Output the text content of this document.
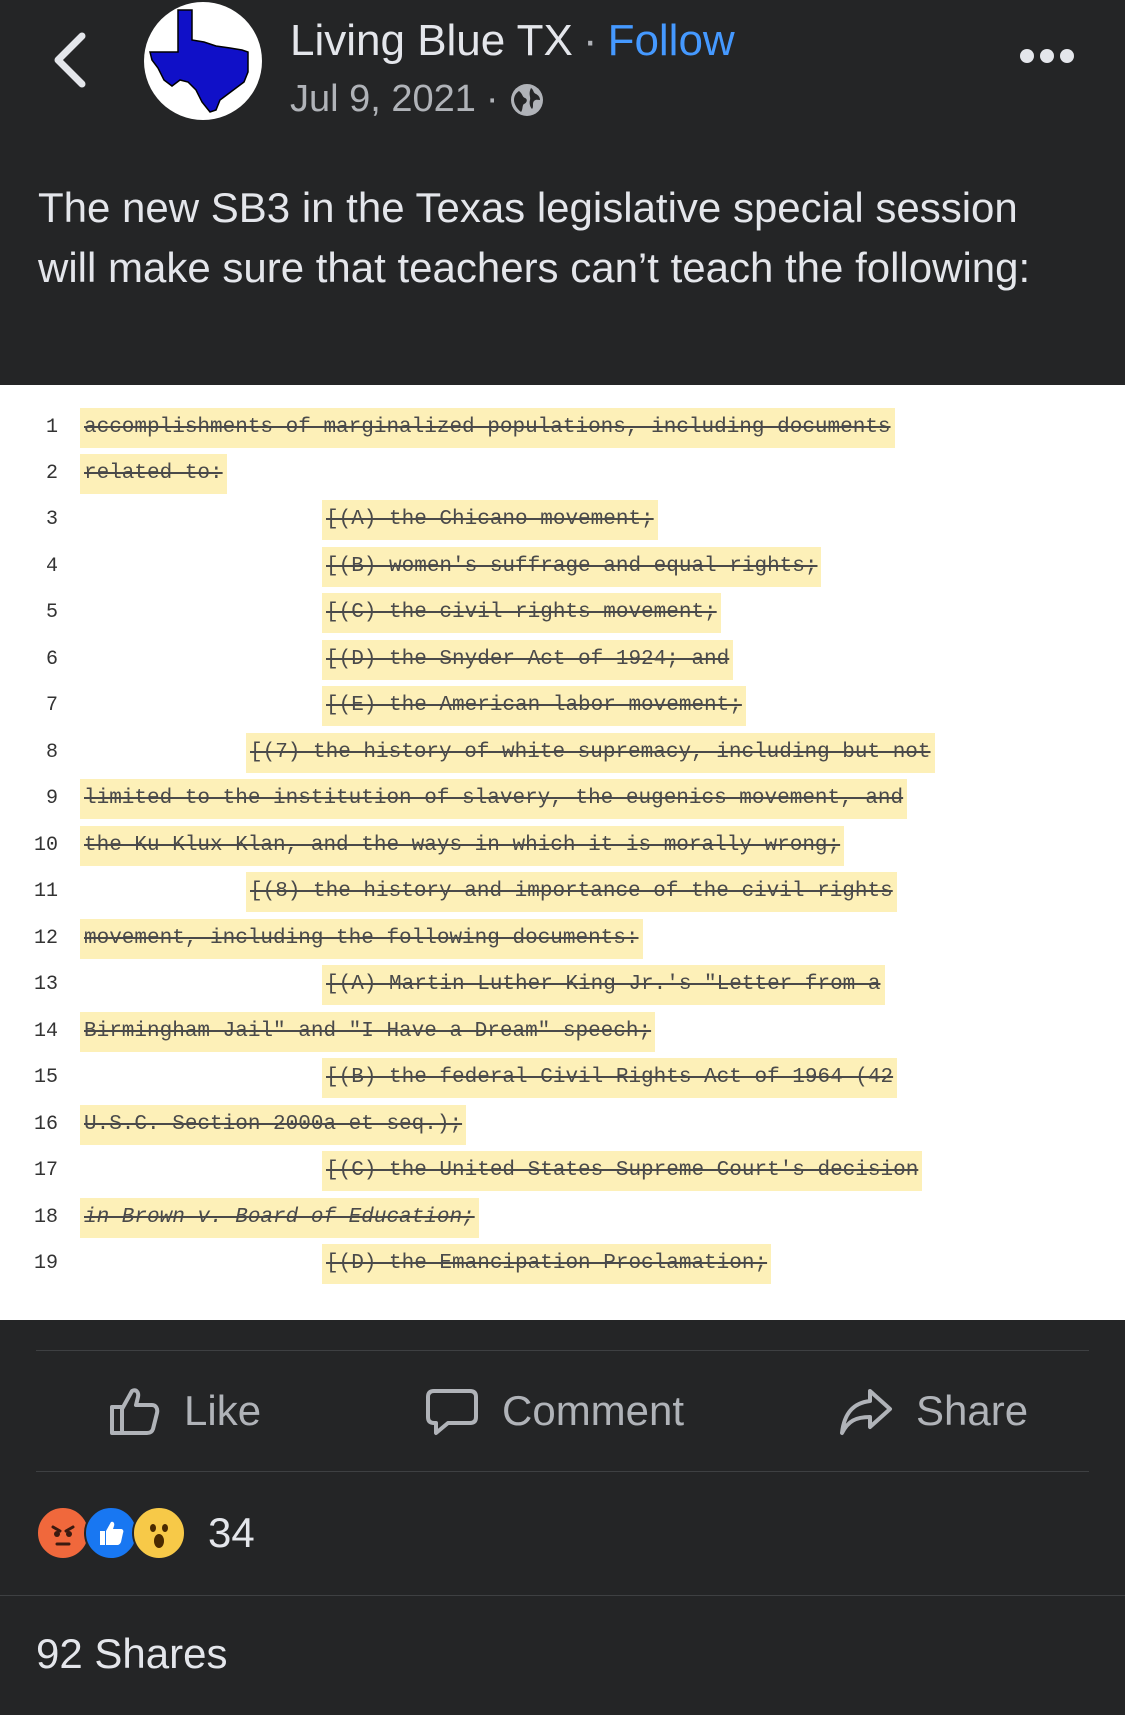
Living Blue TX · Follow
Jul 9, 2021 ·
The new SB3 in the Texas legislative special session will make sure that teachers can’t teach the following:
1 accomplishments of marginalized populations, including documents
2 related to:
3	[(A) the Chicano movement;
4	[(B) women's suffrage and equal rights;
5	[(C) the civil rights movement;
6	[(D) the Snyder Act of 1924; and
7	[(E) the American labor movement;
8	[(7) the history of white supremacy, including but not
9 limited to the institution of slavery, the eugenics movement, and
10 the Ku Klux Klan, and the ways in which it is morally wrong;
11	[(8) the history and importance of the civil rights
12 movement, including the following documents:
13	[(A) Martin Luther King Jr.'s "Letter from a
14 Birmingham Jail" and "I Have a Dream" speech;
15	[(B) the federal Civil Rights Act of 1964 (42
16 U.S.C. Section 2000a et seq.);
17	[(C) the United States Supreme Court's decision
18 in Brown v. Board of Education;
19	[(D) the Emancipation Proclamation;
Like	Comment	Share
34
92 Shares
